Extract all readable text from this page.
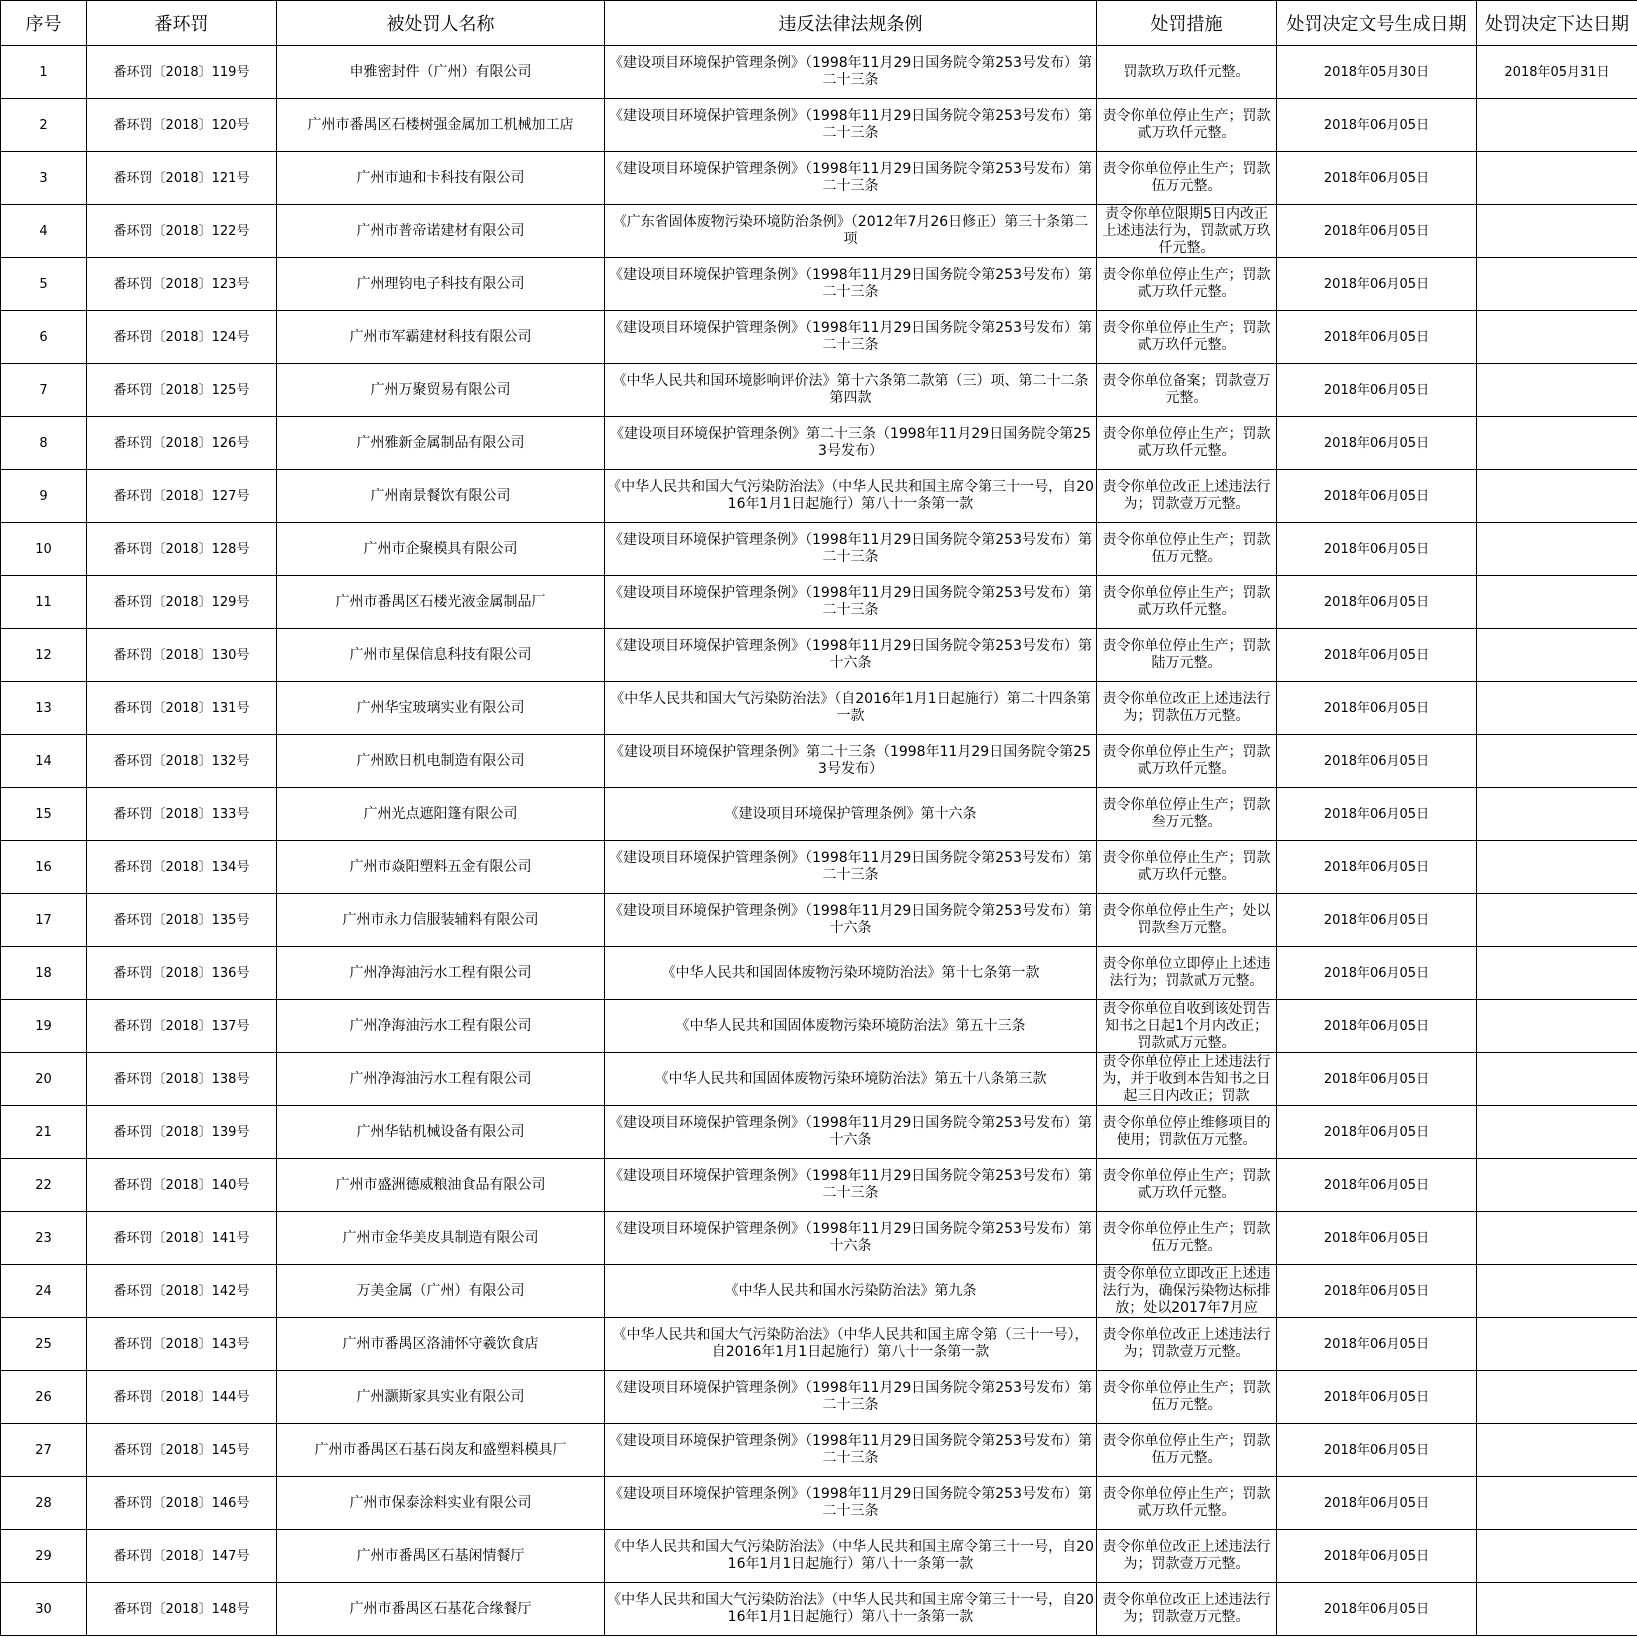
序号	番环罚	被处罚人名称	违反法律法规条例	处罚措施	处罚决定文号生成日期	处罚决定下达日期

1	番环罚〔2018〕119号	申雅密封件（广州）有限公司	《建设项目环境保护管理条例》（1998年11月29日国务院令第253号发布）第二十三条	罚款玖万玖仟元整。	2018年05月30日	2018年05月31日

2	番环罚〔2018〕120号	广州市番禺区石楼树强金属加工机械加工店	《建设项目环境保护管理条例》（1998年11月29日国务院令第253号发布）第二十三条	责令你单位停止生产；罚款贰万玖仟元整。	2018年06月05日	

3	番环罚〔2018〕121号	广州市迪和卡科技有限公司	《建设项目环境保护管理条例》（1998年11月29日国务院令第253号发布）第二十三条	责令你单位停止生产；罚款伍万元整。	2018年06月05日	

4	番环罚〔2018〕122号	广州市普帝诺建材有限公司	《广东省固体废物污染环境防治条例》（2012年7月26日修正）第三十条第二项	责令你单位限期5日内改正上述违法行为，罚款贰万玖仟元整。	2018年06月05日	

5	番环罚〔2018〕123号	广州理钧电子科技有限公司	《建设项目环境保护管理条例》（1998年11月29日国务院令第253号发布）第二十三条	责令你单位停止生产；罚款贰万玖仟元整。	2018年06月05日	

6	番环罚〔2018〕124号	广州市军霸建材科技有限公司	《建设项目环境保护管理条例》（1998年11月29日国务院令第253号发布）第二十三条	责令你单位停止生产；罚款贰万玖仟元整。	2018年06月05日	

7	番环罚〔2018〕125号	广州万聚贸易有限公司	《中华人民共和国环境影响评价法》第十六条第二款第（三）项、第二十二条第四款	责令你单位备案；罚款壹万元整。	2018年06月05日	

8	番环罚〔2018〕126号	广州雅新金属制品有限公司	《建设项目环境保护管理条例》第二十三条（1998年11月29日国务院令第253号发布）	责令你单位停止生产；罚款贰万玖仟元整。	2018年06月05日	

9	番环罚〔2018〕127号	广州南景餐饮有限公司	《中华人民共和国大气污染防治法》（中华人民共和国主席令第三十一号，自2016年1月1日起施行）第八十一条第一款	责令你单位改正上述违法行为；罚款壹万元整。	2018年06月05日	

10	番环罚〔2018〕128号	广州市企聚模具有限公司	《建设项目环境保护管理条例》（1998年11月29日国务院令第253号发布）第二十三条	责令你单位停止生产；罚款伍万元整。	2018年06月05日	

11	番环罚〔2018〕129号	广州市番禺区石楼光液金属制品厂	《建设项目环境保护管理条例》（1998年11月29日国务院令第253号发布）第二十三条	责令你单位停止生产；罚款贰万玖仟元整。	2018年06月05日	

12	番环罚〔2018〕130号	广州市星保信息科技有限公司	《建设项目环境保护管理条例》（1998年11月29日国务院令第253号发布）第十六条	责令你单位停止生产；罚款陆万元整。	2018年06月05日	

13	番环罚〔2018〕131号	广州华宝玻璃实业有限公司	《中华人民共和国大气污染防治法》（自2016年1月1日起施行）第二十四条第一款	责令你单位改正上述违法行为；罚款伍万元整。	2018年06月05日	

14	番环罚〔2018〕132号	广州欧日机电制造有限公司	《建设项目环境保护管理条例》第二十三条（1998年11月29日国务院令第253号发布）	责令你单位停止生产；罚款贰万玖仟元整。	2018年06月05日	

15	番环罚〔2018〕133号	广州光点遮阳篷有限公司	《建设项目环境保护管理条例》第十六条	责令你单位停止生产；罚款叁万元整。	2018年06月05日	

16	番环罚〔2018〕134号	广州市焱阳塑料五金有限公司	《建设项目环境保护管理条例》（1998年11月29日国务院令第253号发布）第二十三条	责令你单位停止生产；罚款贰万玖仟元整。	2018年06月05日	

17	番环罚〔2018〕135号	广州市永力信服装辅料有限公司	《建设项目环境保护管理条例》（1998年11月29日国务院令第253号发布）第十六条	责令你单位停止生产；处以罚款叁万元整。	2018年06月05日	

18	番环罚〔2018〕136号	广州净海油污水工程有限公司	《中华人民共和国固体废物污染环境防治法》第十七条第一款	责令你单位立即停止上述违法行为；罚款贰万元整。	2018年06月05日	

19	番环罚〔2018〕137号	广州净海油污水工程有限公司	《中华人民共和国固体废物污染环境防治法》第五十三条	责令你单位自收到该处罚告知书之日起1个月内改正；罚款贰万元整。	2018年06月05日	

20	番环罚〔2018〕138号	广州净海油污水工程有限公司	《中华人民共和国固体废物污染环境防治法》第五十八条第三款	责令你单位停止上述违法行为，并于收到本告知书之日起三日内改正；罚款	2018年06月05日	

21	番环罚〔2018〕139号	广州华钻机械设备有限公司	《建设项目环境保护管理条例》（1998年11月29日国务院令第253号发布）第十六条	责令你单位停止维修项目的使用；罚款伍万元整。	2018年06月05日	

22	番环罚〔2018〕140号	广州市盛洲德威粮油食品有限公司	《建设项目环境保护管理条例》（1998年11月29日国务院令第253号发布）第二十三条	责令你单位停止生产；罚款贰万玖仟元整。	2018年06月05日	

23	番环罚〔2018〕141号	广州市金华美皮具制造有限公司	《建设项目环境保护管理条例》（1998年11月29日国务院令第253号发布）第十六条	责令你单位停止生产；罚款伍万元整。	2018年06月05日	

24	番环罚〔2018〕142号	万美金属（广州）有限公司	《中华人民共和国水污染防治法》第九条	责令你单位立即改正上述违法行为，确保污染物达标排放；处以2017年7月应	2018年06月05日	

25	番环罚〔2018〕143号	广州市番禺区洛浦怀守羲饮食店	《中华人民共和国大气污染防治法》（中华人民共和国主席令第（三十一号），自2016年1月1日起施行）第八十一条第一款	责令你单位改正上述违法行为；罚款壹万元整。	2018年06月05日	

26	番环罚〔2018〕144号	广州灏斯家具实业有限公司	《建设项目环境保护管理条例》（1998年11月29日国务院令第253号发布）第二十三条	责令你单位停止生产；罚款伍万元整。	2018年06月05日	

27	番环罚〔2018〕145号	广州市番禺区石基石岗友和盛塑料模具厂	《建设项目环境保护管理条例》（1998年11月29日国务院令第253号发布）第二十三条	责令你单位停止生产；罚款伍万元整。	2018年06月05日	

28	番环罚〔2018〕146号	广州市保泰涂料实业有限公司	《建设项目环境保护管理条例》（1998年11月29日国务院令第253号发布）第二十三条	责令你单位停止生产；罚款贰万玖仟元整。	2018年06月05日	

29	番环罚〔2018〕147号	广州市番禺区石基闲情餐厅	《中华人民共和国大气污染防治法》（中华人民共和国主席令第三十一号，自2016年1月1日起施行）第八十一条第一款	责令你单位改正上述违法行为；罚款壹万元整。	2018年06月05日	

30	番环罚〔2018〕148号	广州市番禺区石基花合缘餐厅	《中华人民共和国大气污染防治法》（中华人民共和国主席令第三十一号，自2016年1月1日起施行）第八十一条第一款	责令你单位改正上述违法行为；罚款壹万元整。	2018年06月05日	
